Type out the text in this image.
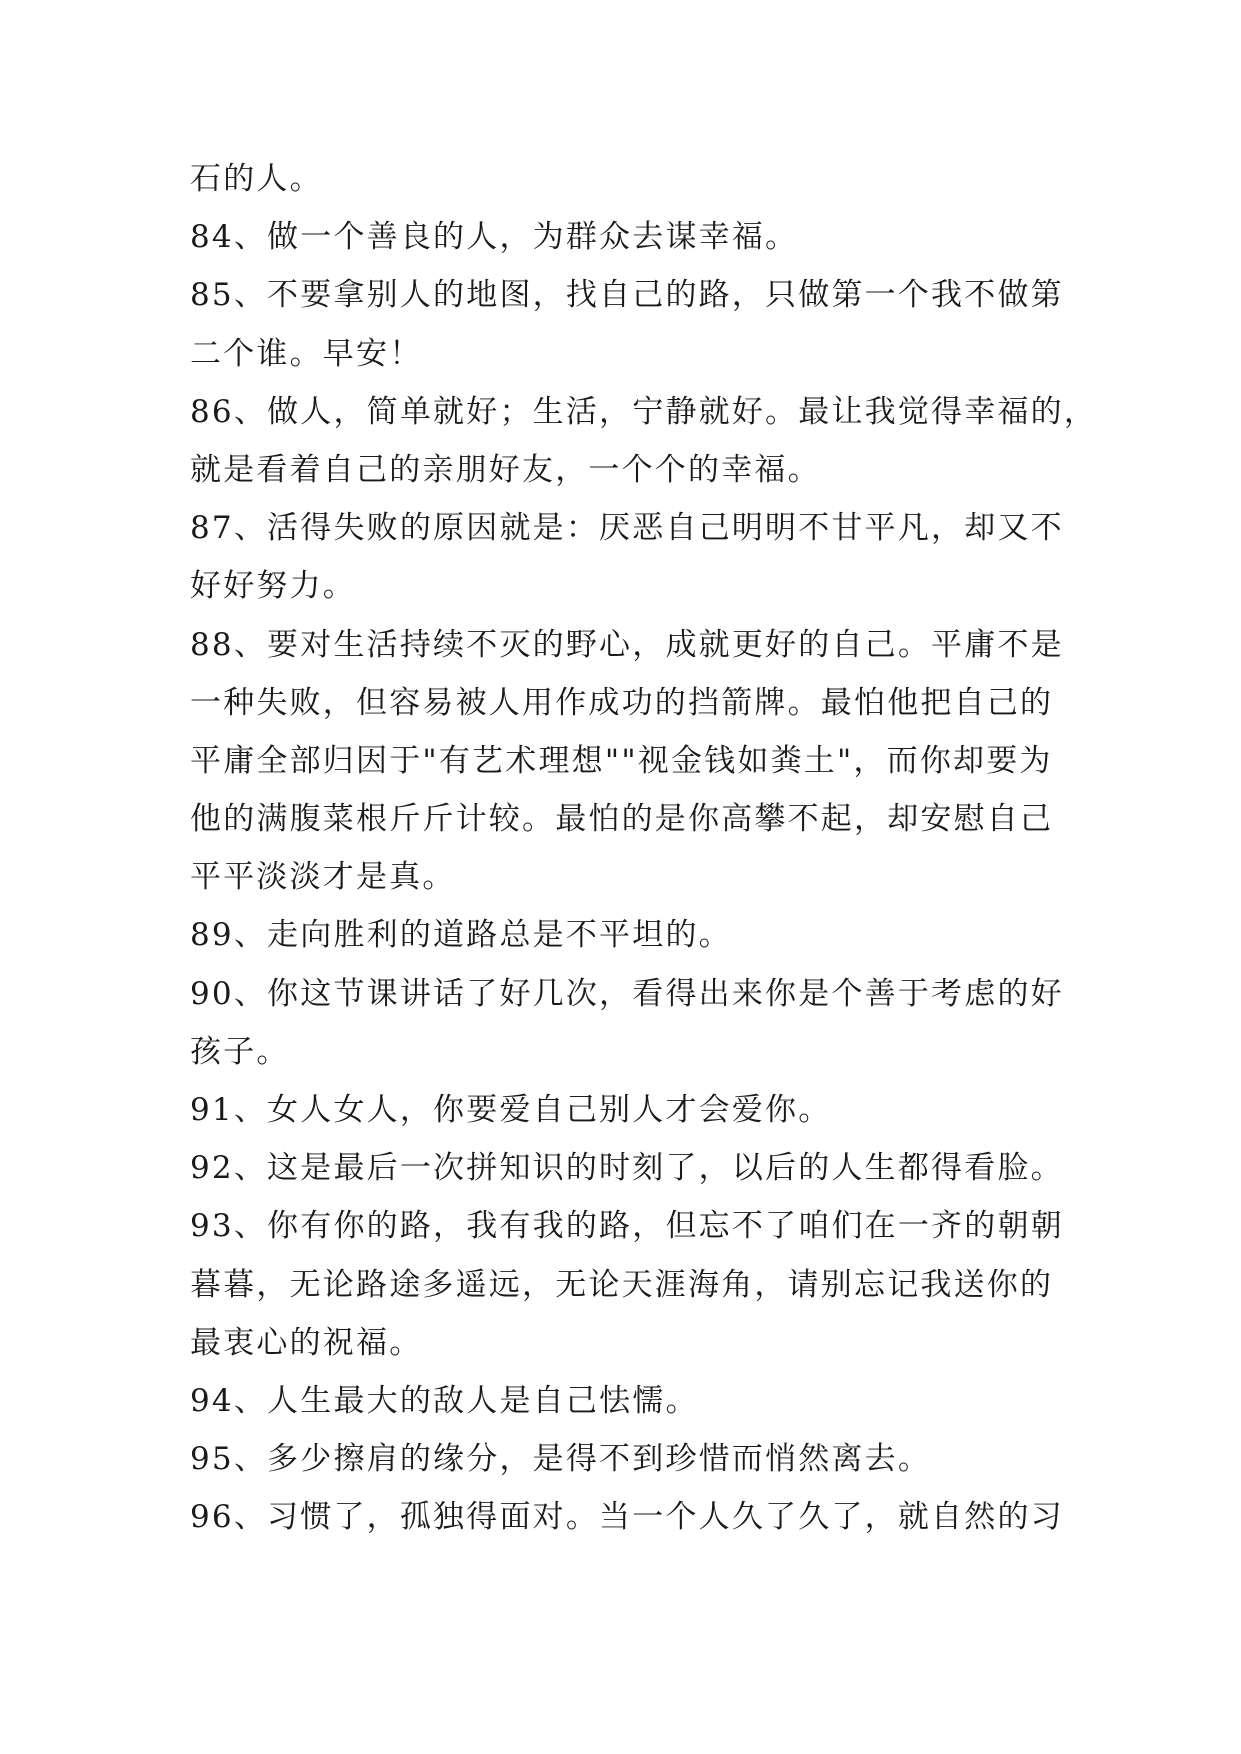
石的人。
84、做一个善良的人，为群众去谋幸福。
85、不要拿别人的地图，找自己的路，只做第一个我不做第
二个谁。早安！
86、做人，简单就好；生活，宁静就好。最让我觉得幸福的，
就是看着自己的亲朋好友，一个个的幸福。
87、活得失败的原因就是：厌恶自己明明不甘平凡，却又不
好好努力。
88、要对生活持续不灭的野心，成就更好的自己。平庸不是
一种失败，但容易被人用作成功的挡箭牌。最怕他把自己的
平庸全部归因于"有艺术理想""视金钱如粪土"，而你却要为
他的满腹菜根斤斤计较。最怕的是你高攀不起，却安慰自己
平平淡淡才是真。
89、走向胜利的道路总是不平坦的。
90、你这节课讲话了好几次，看得出来你是个善于考虑的好
孩子。
91、女人女人，你要爱自己别人才会爱你。
92、这是最后一次拼知识的时刻了，以后的人生都得看脸。
93、你有你的路，我有我的路，但忘不了咱们在一齐的朝朝
暮暮，无论路途多遥远，无论天涯海角，请别忘记我送你的
最衷心的祝福。
94、人生最大的敌人是自己怯懦。
95、多少擦肩的缘分，是得不到珍惜而悄然离去。
96、习惯了，孤独得面对。当一个人久了久了，就自然的习
